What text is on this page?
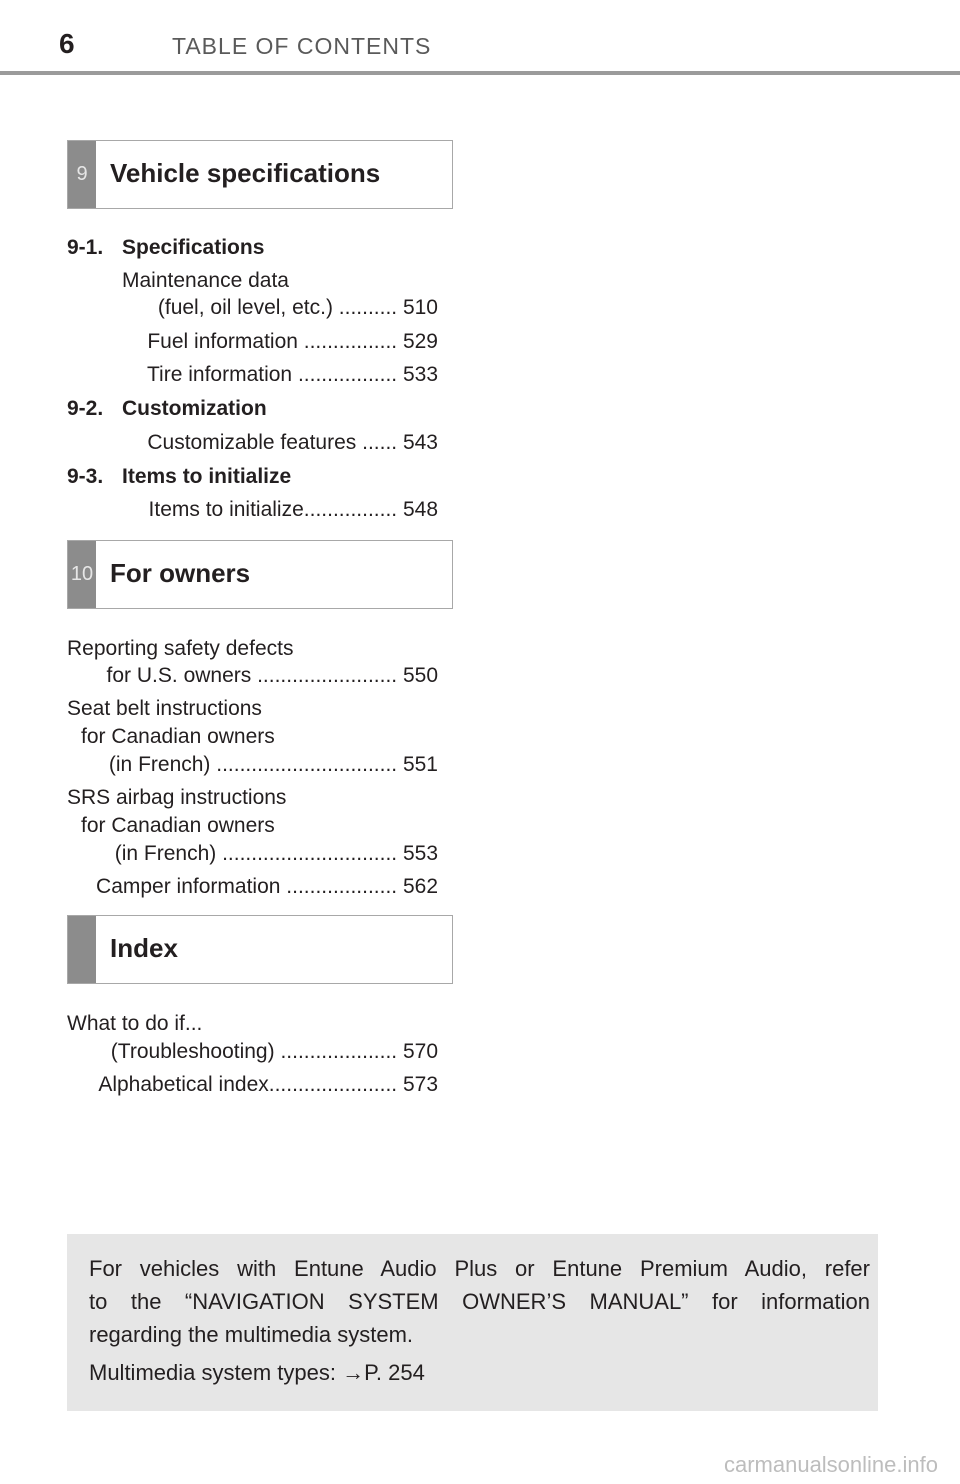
6	TABLE OF CONTENTS
9 Vehicle specifications
9-1. Specifications
Maintenance data
(fuel, oil level, etc.) .......... 510
Fuel information ................ 529
Tire information ................. 533
9-2. Customization
Customizable features ...... 543
9-3. Items to initialize
Items to initialize................ 548
10 For owners
Reporting safety defects
for U.S. owners ........................ 550
Seat belt instructions
for Canadian owners
(in French) ............................... 551
SRS airbag instructions
for Canadian owners
(in French) .............................. 553
Camper information ................... 562
Index
What to do if...
(Troubleshooting) .................... 570
Alphabetical index...................... 573
For vehicles with Entune Audio Plus or Entune Premium Audio, refer
to the “NAVIGATION SYSTEM OWNER’S MANUAL” for information
regarding the multimedia system.
Multimedia system types: →P. 254
carmanualsonline.info
